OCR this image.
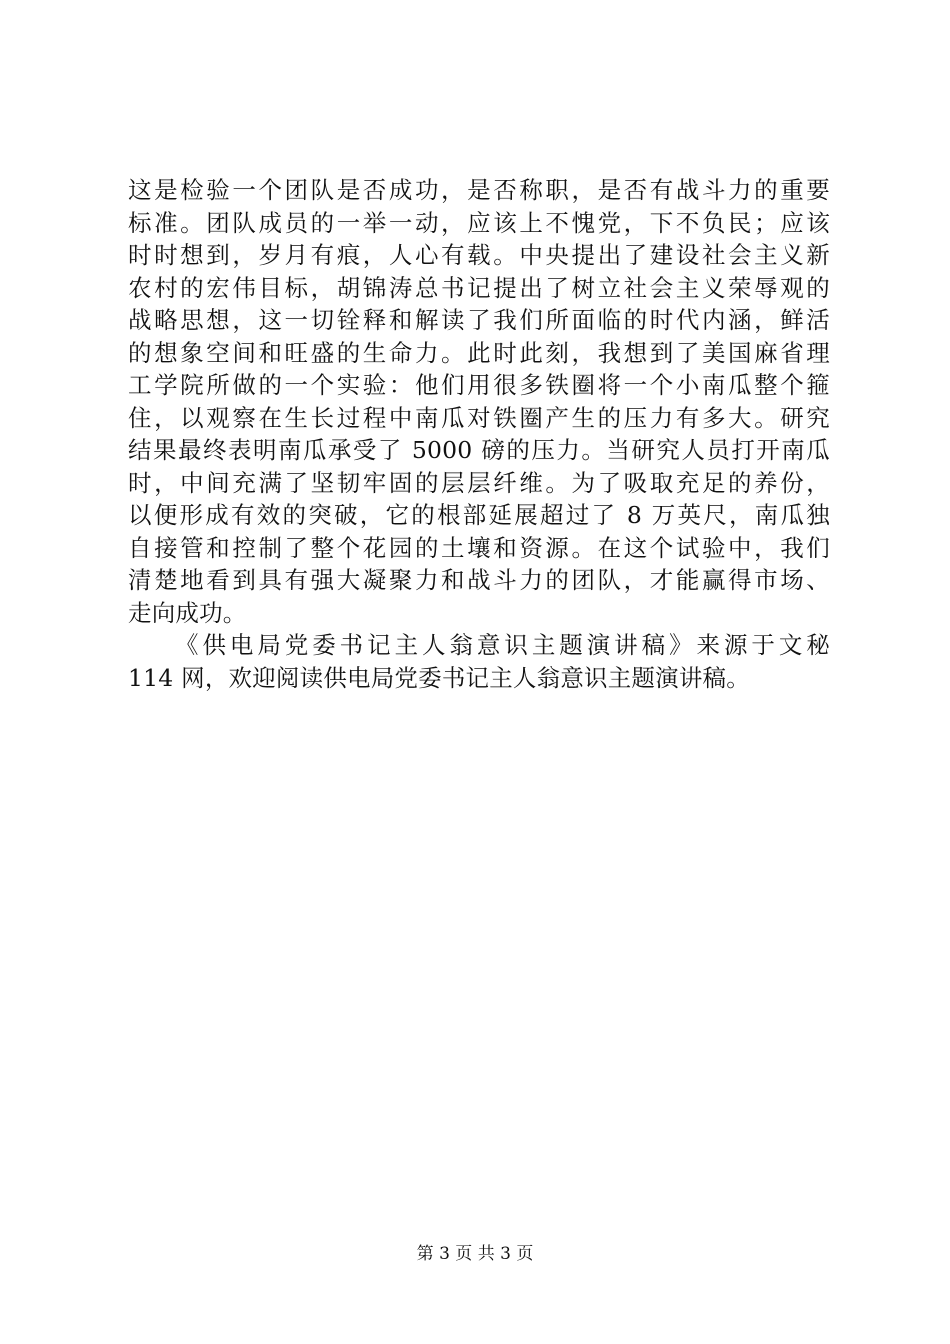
这是检验一个团队是否成功，是否称职，是否有战斗力的重要
标准。团队成员的一举一动，应该上不愧党，下不负民；应该
时时想到，岁月有痕，人心有载。中央提出了建设社会主义新
农村的宏伟目标，胡锦涛总书记提出了树立社会主义荣辱观的
战略思想，这一切铨释和解读了我们所面临的时代内涵，鲜活
的想象空间和旺盛的生命力。此时此刻，我想到了美国麻省理
工学院所做的一个实验：他们用很多铁圈将一个小南瓜整个箍
住，以观察在生长过程中南瓜对铁圈产生的压力有多大。研究
结果最终表明南瓜承受了 5000 磅的压力。当研究人员打开南瓜
时，中间充满了坚韧牢固的层层纤维。为了吸取充足的养份，
以便形成有效的突破，它的根部延展超过了 8 万英尺，南瓜独
自接管和控制了整个花园的土壤和资源。在这个试验中，我们
清楚地看到具有强大凝聚力和战斗力的团队，才能赢得市场、
走向成功。
《供电局党委书记主人翁意识主题演讲稿》来源于文秘
114 网，欢迎阅读供电局党委书记主人翁意识主题演讲稿。
第 3 页 共 3 页
